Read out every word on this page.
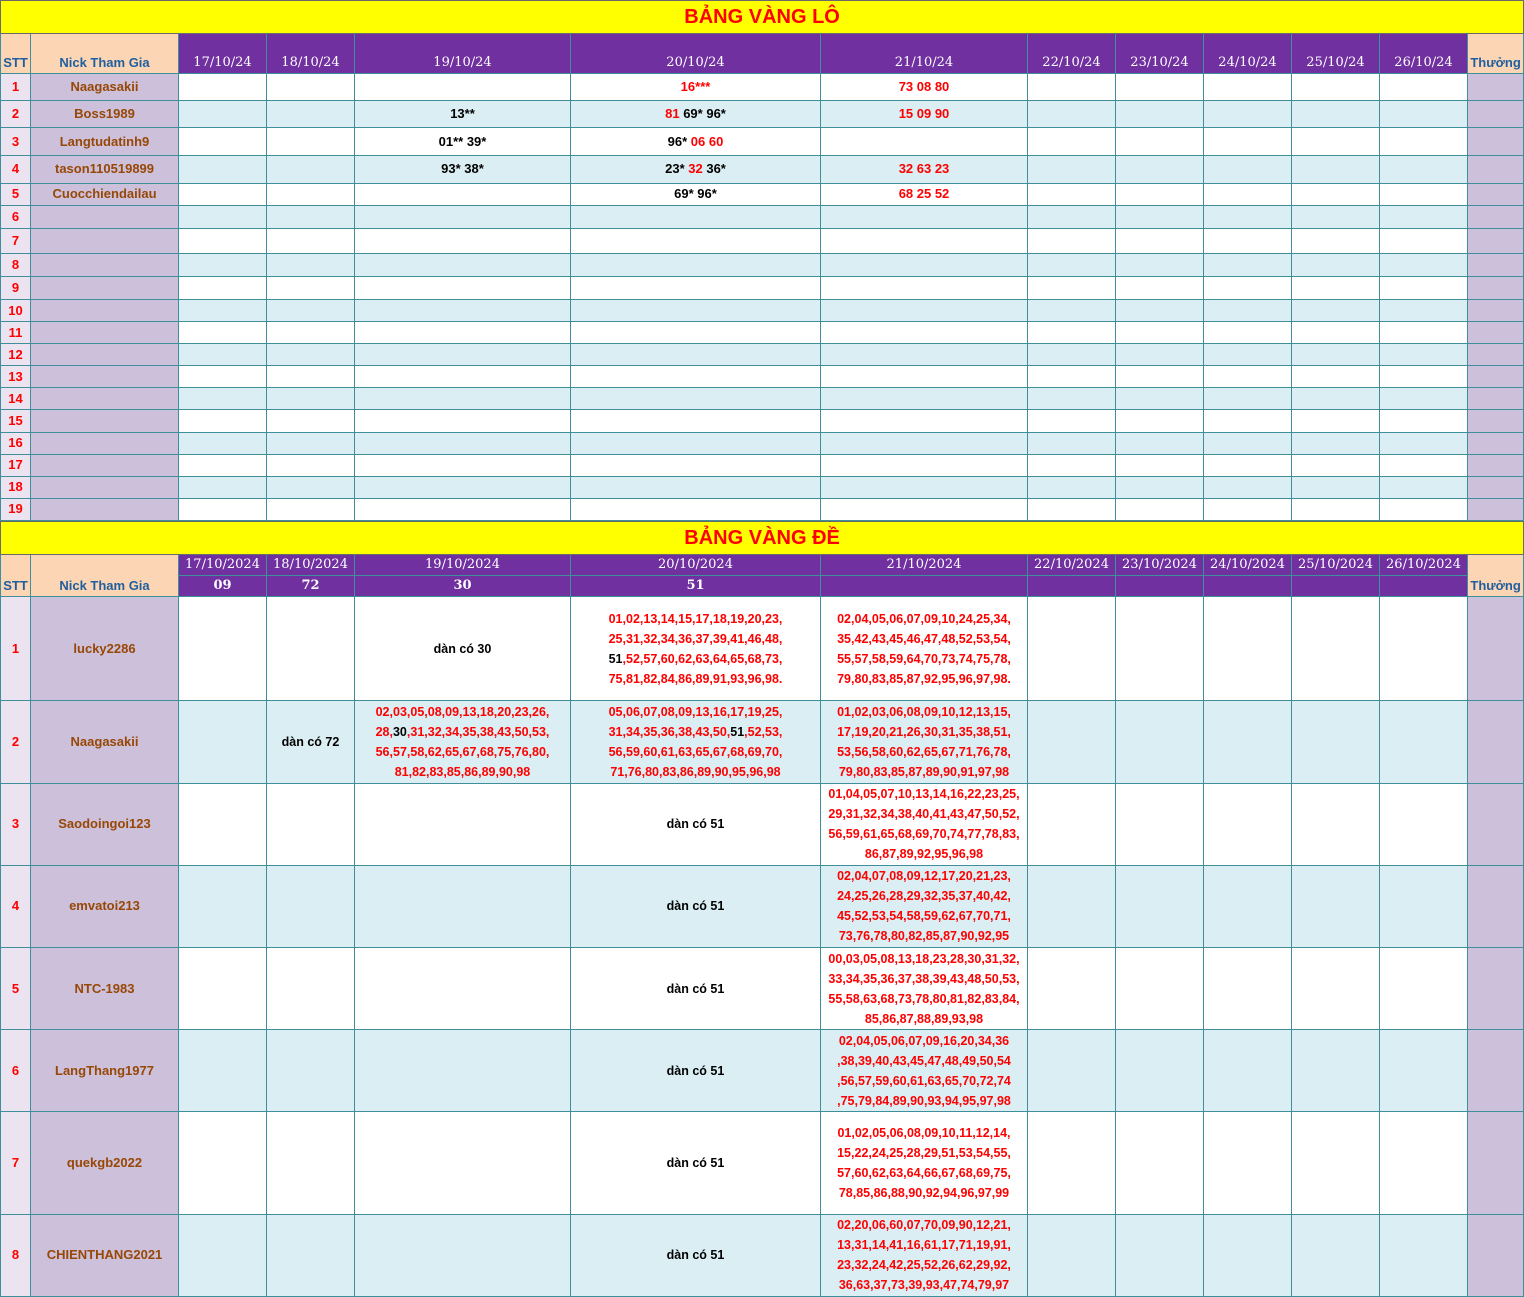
BẢNG VÀNG LÔ												
STT	Nick Tham Gia	17/10/24	18/10/24	19/10/24	20/10/24	21/10/24	22/10/24	23/10/24	24/10/24	25/10/24	26/10/24	Thưởng
1	Naagasakii				16***	73 08 80						
2	Boss1989			13**	81 69* 96*	15 09 90						
3	Langtudatinh9			01** 39*	96* 06 60							
4	tason110519899			93* 38*	23* 32 36*	32 63 23						
5	Cuocchiendailau				69* 96*	68 25 52						
6												
7												
8												
9												
10												
11												
12												
13												
14												
15												
16												
17												
18												
19												
BẢNG VÀNG ĐỀ												
STT	Nick Tham Gia	17/10/2024	18/10/2024	19/10/2024	20/10/2024	21/10/2024	22/10/2024	23/10/2024	24/10/2024	25/10/2024	26/10/2024	Thưởng
		09	72	30	51							
1	lucky2286			dàn có 30	01,02,13,14,15,17,18,19,20,23,
25,31,32,34,36,37,39,41,46,48,
51,52,57,60,62,63,64,65,68,73,
75,81,82,84,86,89,91,93,96,98.	02,04,05,06,07,09,10,24,25,34,
35,42,43,45,46,47,48,52,53,54,
55,57,58,59,64,70,73,74,75,78,
79,80,83,85,87,92,95,96,97,98.						
2	Naagasakii		dàn có 72	02,03,05,08,09,13,18,20,23,26,
28,30,31,32,34,35,38,43,50,53,
56,57,58,62,65,67,68,75,76,80,
81,82,83,85,86,89,90,98	05,06,07,08,09,13,16,17,19,25,
31,34,35,36,38,43,50,51,52,53,
56,59,60,61,63,65,67,68,69,70,
71,76,80,83,86,89,90,95,96,98	01,02,03,06,08,09,10,12,13,15,
17,19,20,21,26,30,31,35,38,51,
53,56,58,60,62,65,67,71,76,78,
79,80,83,85,87,89,90,91,97,98						
3	Saodoingoi123				dàn có 51	01,04,05,07,10,13,14,16,22,23,25,
29,31,32,34,38,40,41,43,47,50,52,
56,59,61,65,68,69,70,74,77,78,83,
86,87,89,92,95,96,98						
4	emvatoi213				dàn có 51	02,04,07,08,09,12,17,20,21,23,
24,25,26,28,29,32,35,37,40,42,
45,52,53,54,58,59,62,67,70,71,
73,76,78,80,82,85,87,90,92,95						
5	NTC-1983				dàn có 51	00,03,05,08,13,18,23,28,30,31,32,
33,34,35,36,37,38,39,43,48,50,53,
55,58,63,68,73,78,80,81,82,83,84,
85,86,87,88,89,93,98						
6	LangThang1977				dàn có 51	02,04,05,06,07,09,16,20,34,36
,38,39,40,43,45,47,48,49,50,54
,56,57,59,60,61,63,65,70,72,74
,75,79,84,89,90,93,94,95,97,98						
7	quekgb2022				dàn có 51	01,02,05,06,08,09,10,11,12,14,
15,22,24,25,28,29,51,53,54,55,
57,60,62,63,64,66,67,68,69,75,
78,85,86,88,90,92,94,96,97,99						
8	CHIENTHANG2021				dàn có 51	02,20,06,60,07,70,09,90,12,21,
13,31,14,41,16,61,17,71,19,91,
23,32,24,42,25,52,26,62,29,92,
36,63,37,73,39,93,47,74,79,97						
